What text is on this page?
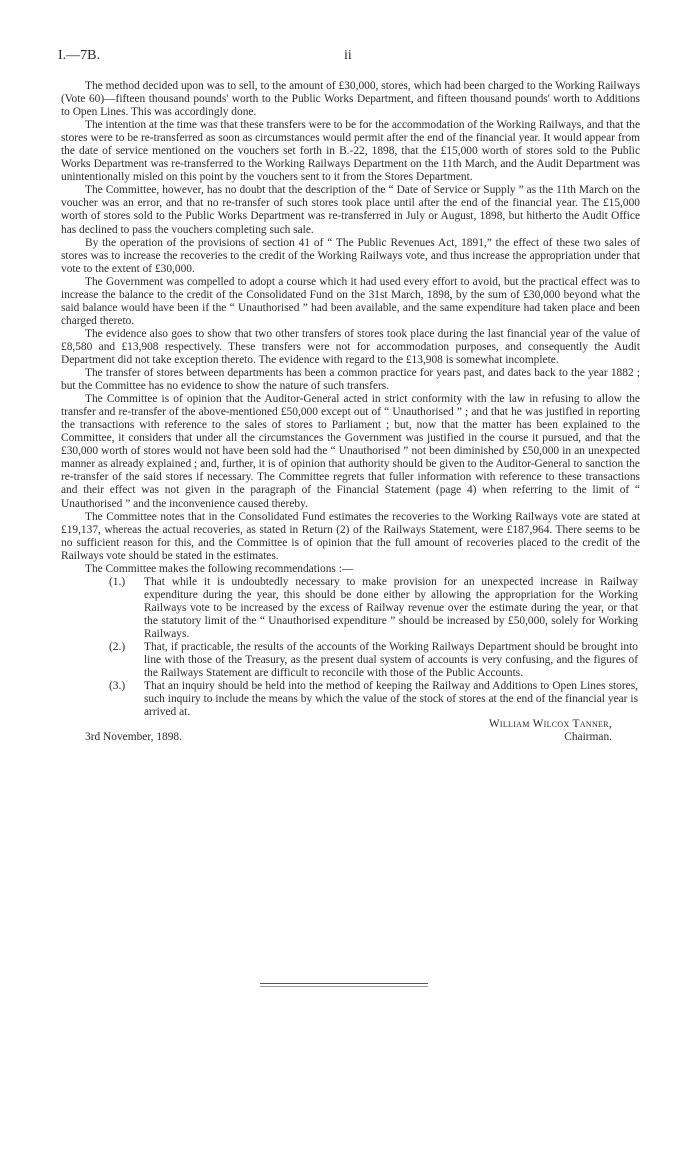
I.—7B.	ii

The method decided upon was to sell, to the amount of £30,000, stores, which had been charged to the Working Railways (Vote 60)—fifteen thousand pounds' worth to the Public Works Department, and fifteen thousand pounds' worth to Additions to Open Lines. This was accordingly done.

The intention at the time was that these transfers were to be for the accommodation of the Working Railways, and that the stores were to be re-transferred as soon as circumstances would permit after the end of the financial year. It would appear from the date of service mentioned on the vouchers set forth in B.-22, 1898, that the £15,000 worth of stores sold to the Public Works Department was re-transferred to the Working Railways Department on the 11th March, and the Audit Department was unintentionally misled on this point by the vouchers sent to it from the Stores Department.

The Committee, however, has no doubt that the description of the “ Date of Service or Supply ” as the 11th March on the voucher was an error, and that no re-transfer of such stores took place until after the end of the financial year. The £15,000 worth of stores sold to the Public Works Department was re-transferred in July or August, 1898, but hitherto the Audit Office has declined to pass the vouchers completing such sale.

By the operation of the provisions of section 41 of “ The Public Revenues Act, 1891,” the effect of these two sales of stores was to increase the recoveries to the credit of the Working Railways vote, and thus increase the appropriation under that vote to the extent of £30,000.

The Government was compelled to adopt a course which it had used every effort to avoid, but the practical effect was to increase the balance to the credit of the Consolidated Fund on the 31st March, 1898, by the sum of £30,000 beyond what the said balance would have been if the “ Unauthorised ” had been available, and the same expenditure had taken place and been charged thereto.

The evidence also goes to show that two other transfers of stores took place during the last financial year of the value of £8,580 and £13,908 respectively. These transfers were not for accommodation purposes, and consequently the Audit Department did not take exception thereto. The evidence with regard to the £13,908 is somewhat incomplete.

The transfer of stores between departments has been a common practice for years past, and dates back to the year 1882 ; but the Committee has no evidence to show the nature of such transfers.

The Committee is of opinion that the Auditor-General acted in strict conformity with the law in refusing to allow the transfer and re-transfer of the above-mentioned £50,000 except out of “ Unauthorised ” ; and that he was justified in reporting the transactions with reference to the sales of stores to Parliament ; but, now that the matter has been explained to the Committee, it considers that under all the circumstances the Government was justified in the course it pursued, and that the £30,000 worth of stores would not have been sold had the “ Unauthorised ” not been diminished by £50,000 in an unexpected manner as already explained ; and, further, it is of opinion that authority should be given to the Auditor-General to sanction the re-transfer of the said stores if necessary. The Committee regrets that fuller information with reference to these transactions and their effect was not given in the paragraph of the Financial Statement (page 4) when referring to the limit of “ Unauthorised ” and the inconvenience caused thereby.

The Committee notes that in the Consolidated Fund estimates the recoveries to the Working Railways vote are stated at £19,137, whereas the actual recoveries, as stated in Return (2) of the Railways Statement, were £187,964. There seems to be no sufficient reason for this, and the Committee is of opinion that the full amount of recoveries placed to the credit of the Railways vote should be stated in the estimates.

The Committee makes the following recommendations :—

(1.) That while it is undoubtedly necessary to make provision for an unexpected increase in Railway expenditure during the year, this should be done either by allowing the appropriation for the Working Railways vote to be increased by the excess of Railway revenue over the estimate during the year, or that the statutory limit of the “ Unauthorised expenditure ” should be increased by £50,000, solely for Working Railways.
(2.) That, if practicable, the results of the accounts of the Working Railways Department should be brought into line with those of the Treasury, as the present dual system of accounts is very confusing, and the figures of the Railways Statement are difficult to reconcile with those of the Public Accounts.
(3.) That an inquiry should be held into the method of keeping the Railway and Additions to Open Lines stores, such inquiry to include the means by which the value of the stock of stores at the end of the financial year is arrived at.
3rd November, 1898.
William Wilcox Tanner,
Chairman.
